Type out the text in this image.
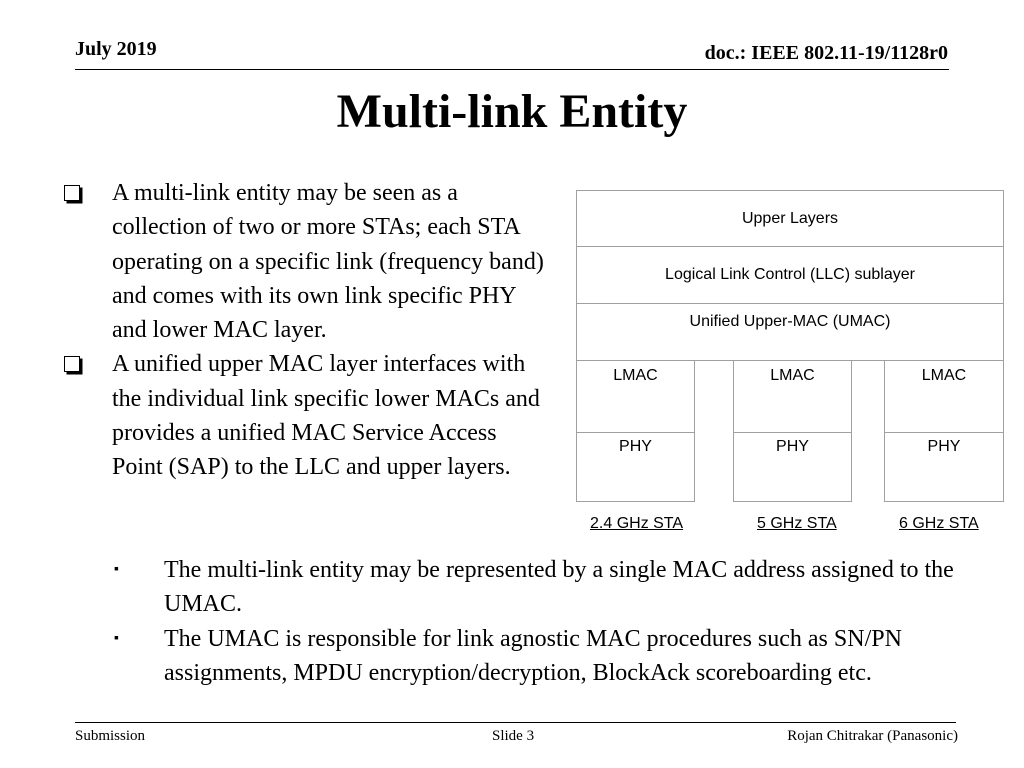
July 2019	doc.: IEEE 802.11-19/1128r0
Multi-link Entity
A multi-link entity may be seen as a collection of two or more STAs; each STA operating on a specific link (frequency band) and comes with its own link specific PHY and lower MAC layer.
A unified upper MAC layer interfaces with the individual link specific lower MACs and provides a unified MAC Service Access Point (SAP) to the LLC and upper layers.
▪	The multi-link entity may be represented by a single MAC address assigned to the UMAC.
▪	The UMAC is responsible for link agnostic MAC procedures such as SN/PN assignments, MPDU encryption/decryption, BlockAck scoreboarding etc.
Upper Layers
Logical Link Control (LLC) sublayer
Unified Upper-MAC (UMAC)
LMAC
PHY
LMAC
PHY
LMAC
PHY
2.4 GHz STA	5 GHz STA	6 GHz STA
Submission	Slide 3	Rojan Chitrakar (Panasonic)
